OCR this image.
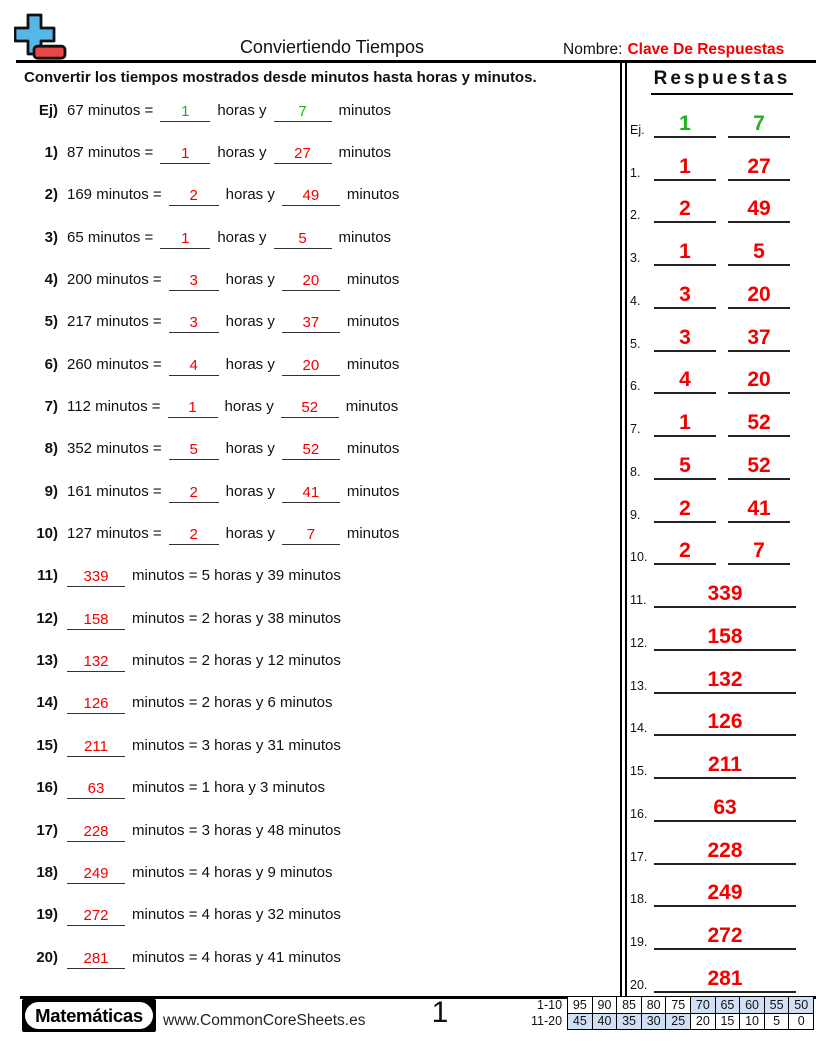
Conviertiendo Tiempos	Nombre: Clave De Respuestas
Convertir los tiempos mostrados desde minutos hasta horas y minutos.
Ej) 67 minutos = 1 horas y 7 minutos
1) 87 minutos = 1 horas y 27 minutos
2) 169 minutos = 2 horas y 49 minutos
3) 65 minutos = 1 horas y 5 minutos
4) 200 minutos = 3 horas y 20 minutos
5) 217 minutos = 3 horas y 37 minutos
6) 260 minutos = 4 horas y 20 minutos
7) 112 minutos = 1 horas y 52 minutos
8) 352 minutos = 5 horas y 52 minutos
9) 161 minutos = 2 horas y 41 minutos
10) 127 minutos = 2 horas y 7 minutos
11) 339 minutos = 5 horas y 39 minutos
12) 158 minutos = 2 horas y 38 minutos
13) 132 minutos = 2 horas y 12 minutos
14) 126 minutos = 2 horas y 6 minutos
15) 211 minutos = 3 horas y 31 minutos
16) 63 minutos = 1 hora y 3 minutos
17) 228 minutos = 3 horas y 48 minutos
18) 249 minutos = 4 horas y 9 minutos
19) 272 minutos = 4 horas y 32 minutos
20) 281 minutos = 4 horas y 41 minutos
Respuestas
Ej.	1	7
1.	1	27
2.	2	49
3.	1	5
4.	3	20
5.	3	37
6.	4	20
7.	1	52
8.	5	52
9.	2	41
10.	2	7
11.	339
12.	158
13.	132
14.	126
15.	211
16.	63
17.	228
18.	249
19.	272
20.	281
Matemáticas	www.CommonCoreSheets.es	1	1-10	95	90	85	80	75	70	65	60	55	50
11-20	45	40	35	30	25	20	15	10	5	0
